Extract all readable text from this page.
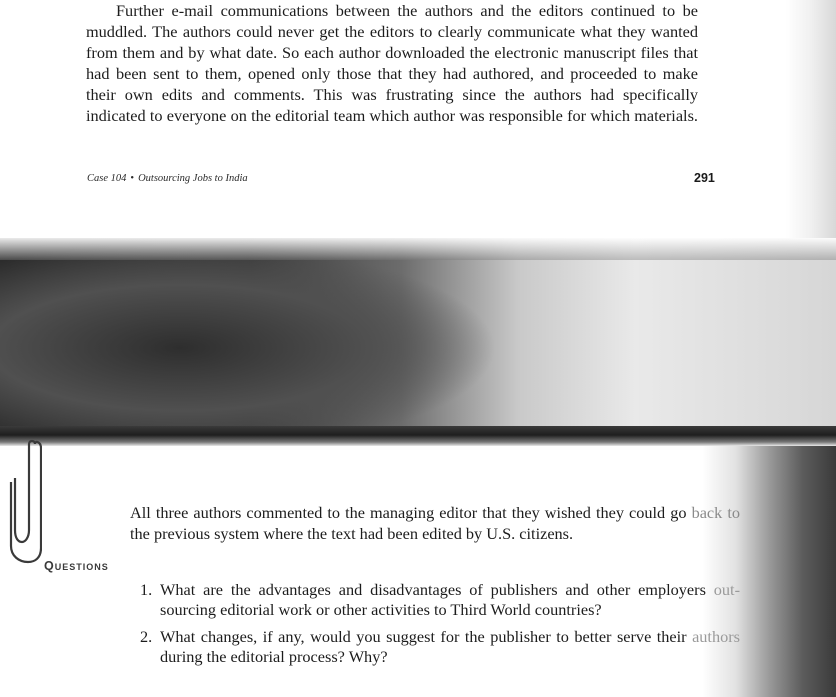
Further e-mail communications between the authors and the editors continued to be
muddled. The authors could never get the editors to clearly communicate what they wanted
from them and by what date. So each author downloaded the electronic manuscript files that
had been sent to them, opened only those that they had authored, and proceeded to make
their own edits and comments. This was frustrating since the authors had specifically
indicated to everyone on the editorial team which author was responsible for which materials.
Case 104 • Outsourcing Jobs to India	291
All three authors commented to the managing editor that they wished they could go back to
the previous system where the text had been edited by U.S. citizens.
Questions
1. What are the advantages and disadvantages of publishers and other employers out-
sourcing editorial work or other activities to Third World countries?
2. What changes, if any, would you suggest for the publisher to better serve their authors
during the editorial process? Why?
